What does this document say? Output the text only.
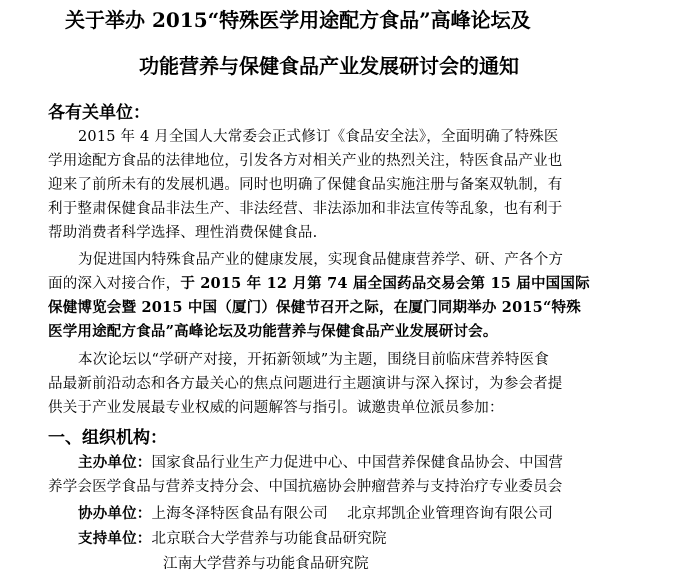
关于举办 2015“特殊医学用途配方食品”高峰论坛及
功能营养与保健食品产业发展研讨会的通知
各有关单位：
2015 年 4 月全国人大常委会正式修订《食品安全法》，全面明确了特殊医
学用途配方食品的法律地位，引发各方对相关产业的热烈关注，特医食品产业也
迎来了前所未有的发展机遇。同时也明确了保健食品实施注册与备案双轨制，有
利于整肃保健食品非法生产、非法经营、非法添加和非法宣传等乱象，也有利于
帮助消费者科学选择、理性消费保健食品.
为促进国内特殊食品产业的健康发展，实现食品健康营养学、研、产各个方
面的深入对接合作，于 2015 年 12 月第 74 届全国药品交易会第 15 届中国国际
保健博览会暨 2015 中国（厦门）保健节召开之际，在厦门同期举办 2015“特殊
医学用途配方食品”高峰论坛及功能营养与保健食品产业发展研讨会。
本次论坛以“学研产对接，开拓新领域”为主题，围绕目前临床营养特医食
品最新前沿动态和各方最关心的焦点问题进行主题演讲与深入探讨，为参会者提
供关于产业发展最专业权威的问题解答与指引。诚邀贵单位派员参加：
一、组织机构：
主办单位：国家食品行业生产力促进中心、中国营养保健食品协会、中国营
养学会医学食品与营养支持分会、中国抗癌协会肿瘤营养与支持治疗专业委员会
协办单位：上海冬泽特医食品有限公司    北京邦凯企业管理咨询有限公司
支持单位：北京联合大学营养与功能食品研究院
江南大学营养与功能食品研究院
